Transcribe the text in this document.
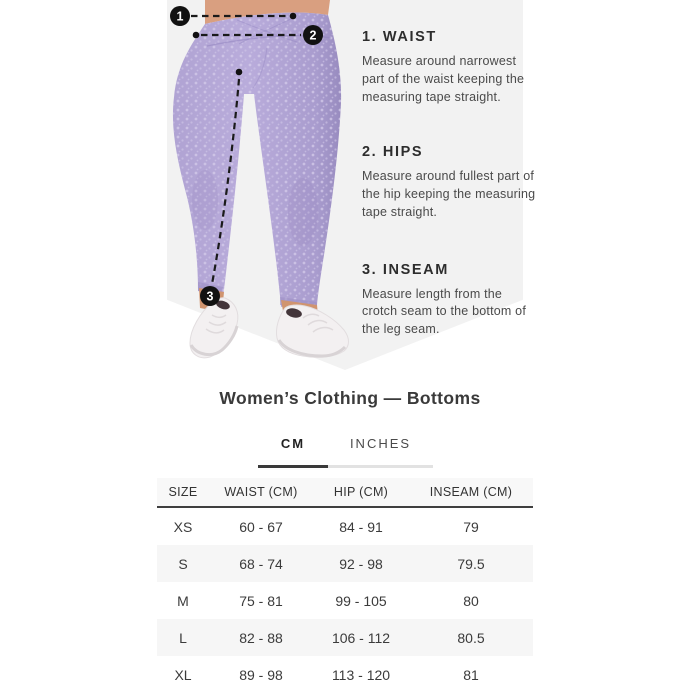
1
2
3
1. WAIST

Measure around narrowest part of the waist keeping the measuring tape straight.

2. HIPS

Measure around fullest part of the hip keeping the measuring tape straight.

3. INSEAM

Measure length from the crotch seam to the bottom of the leg seam.

Women’s Clothing — Bottoms
CM	INCHES
SIZE	WAIST (CM)	HIP (CM)	INSEAM (CM)
XS	60 - 67	84 - 91	79
S	68 - 74	92 - 98	79.5
M	75 - 81	99 - 105	80
L	82 - 88	106 - 112	80.5
XL	89 - 98	113 - 120	81
